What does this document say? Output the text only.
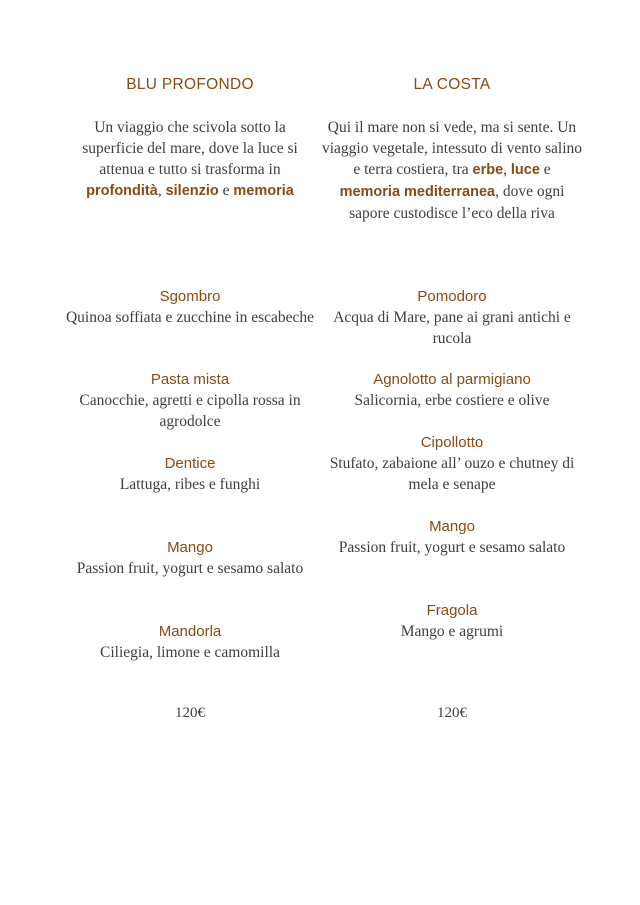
BLU PROFONDO
Un viaggio che scivola sotto la superficie del mare, dove la luce si attenua e tutto si trasforma in profondità, silenzio e memoria
Sgombro
Quinoa soffiata e zucchine in escabeche
Pasta mista
Canocchie, agretti e cipolla rossa in agrodolce
Dentice
Lattuga, ribes e funghi
Mango
Passion fruit, yogurt e sesamo salato
Mandorla
Ciliegia, limone e camomilla
120€
LA COSTA
Qui il mare non si vede, ma si sente. Un viaggio vegetale, intessuto di vento salino e terra costiera, tra erbe, luce e memoria mediterranea, dove ogni sapore custodisce l’eco della riva
Pomodoro
Acqua di Mare, pane ai grani antichi e rucola
Agnolotto al parmigiano
Salicornia, erbe costiere e olive
Cipollotto
Stufato, zabaione all’ ouzo e chutney di mela e senape
Mango
Passion fruit, yogurt e sesamo salato
Fragola
Mango e agrumi
120€
